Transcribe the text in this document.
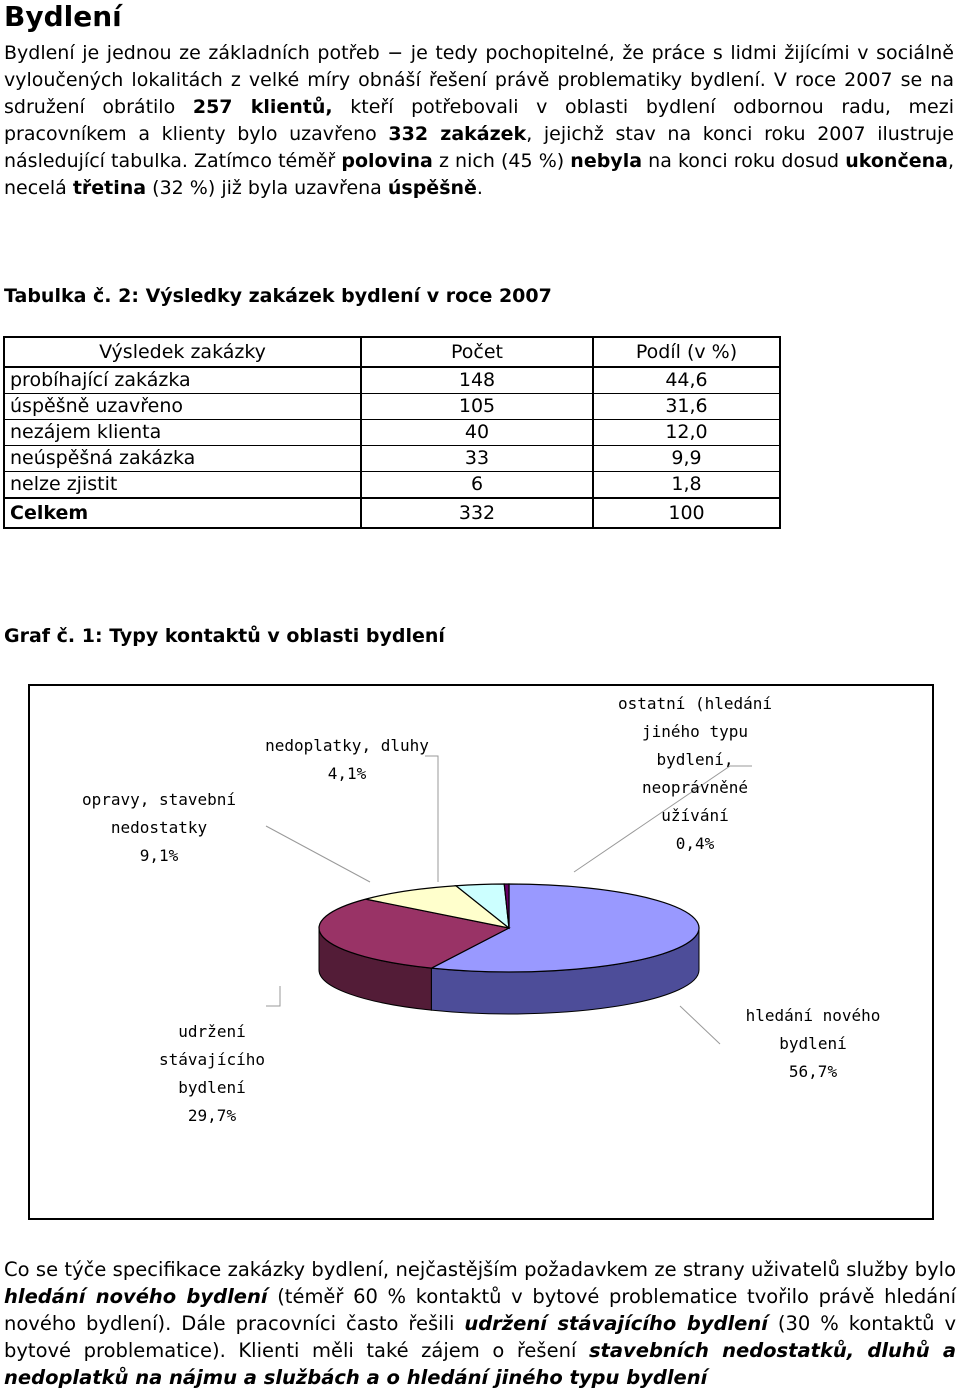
Bydlení

Bydlení je jednou ze základních potřeb − je tedy pochopitelné, že práce s lidmi žijícími v sociálně vyloučených lokalitách z velké míry obnáší řešení právě problematiky bydlení. V roce 2007 se na sdružení obrátilo 257 klientů, kteří potřebovali v oblasti bydlení odbornou radu, mezi pracovníkem a klienty bylo uzavřeno 332 zakázek, jejichž stav na konci roku 2007 ilustruje následující tabulka. Zatímco téměř polovina z nich (45 %) nebyla na konci roku dosud ukončena, necelá třetina (32 %) již byla uzavřena úspěšně.

Tabulka č. 2: Výsledky zakázek bydlení v roce 2007
Výsledek zakázky	Počet	Podíl (v %)
probíhající zakázka	148	44,6
úspěšně uzavřeno	105	31,6
nezájem klienta	40	12,0
neúspěšná zakázka	33	9,9
nelze zjistit	6	1,8
Celkem	332	100
Graf č. 1: Typy kontaktů v oblasti bydlení
opravy, stavební
nedostatky
9,1%
nedoplatky, dluhy
4,1%
ostatní (hledání
jiného typu
bydlení,
neoprávněné
užívání
0,4%
udržení
stávajícího
bydlení
29,7%
hledání nového
bydlení
56,7%

Co se týče specifikace zakázky bydlení, nejčastějším požadavkem ze strany uživatelů služby bylo hledání nového bydlení (téměř 60 % kontaktů v bytové problematice tvořilo právě hledání nového bydlení). Dále pracovníci často řešili udržení stávajícího bydlení (30 % kontaktů v bytové problematice). Klienti měli také zájem o řešení stavebních nedostatků, dluhů a nedoplatků na nájmu a službách a o hledání jiného typu bydlení
